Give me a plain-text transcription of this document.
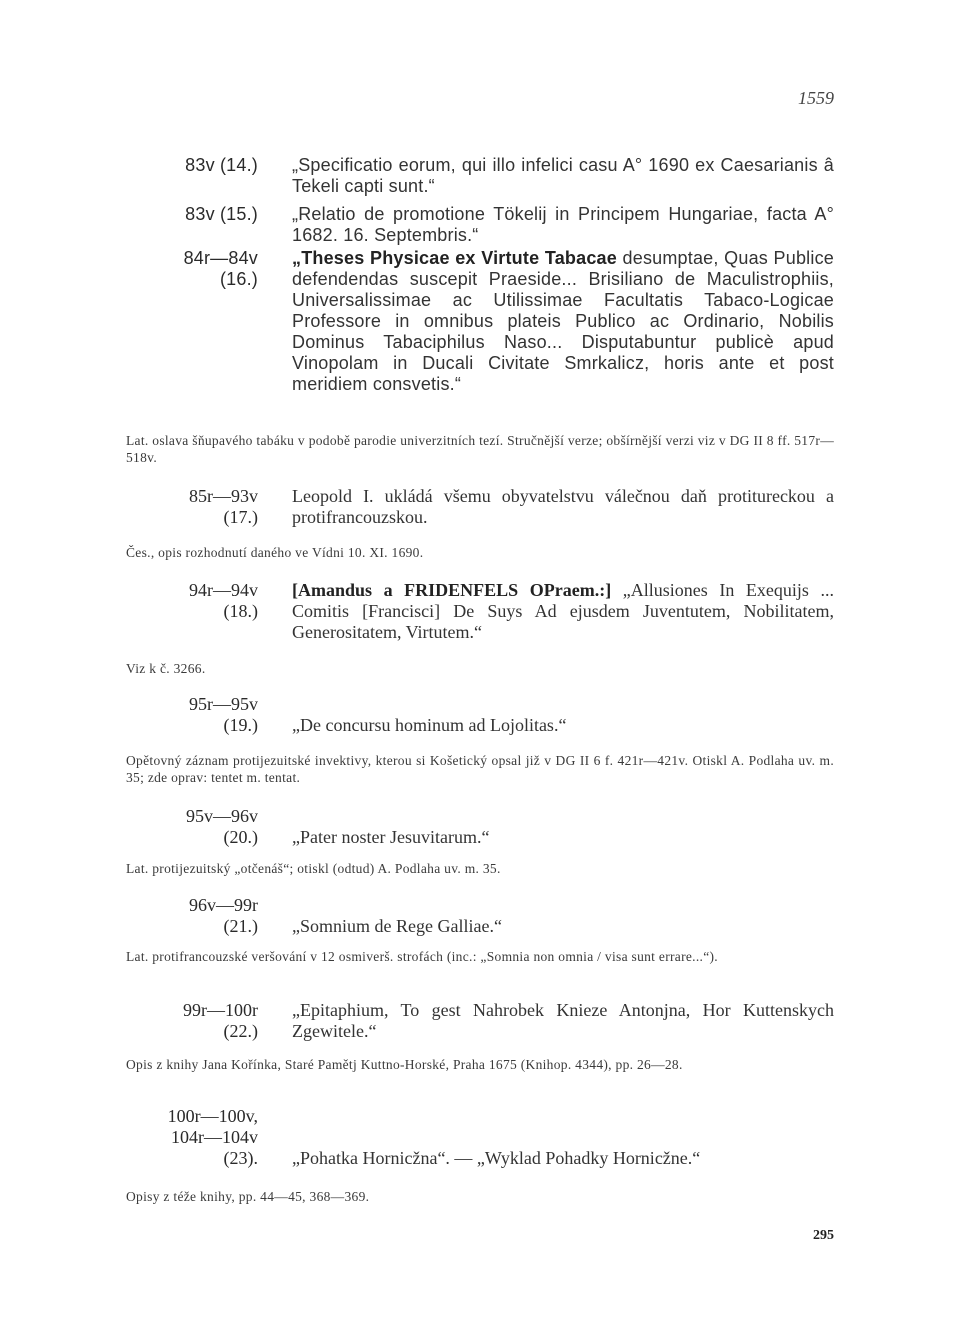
1559
83v (14.) „Specificatio eorum, qui illo infelici casu A° 1690 ex Caesarianis â Tekeli capti sunt.“
83v (15.) „Relatio de promotione Tökelij in Principem Hungariae, facta A° 1682. 16. Septembris.“
84r—84v
(16.)
„Theses Physicae ex Virtute Tabacae desumptae, Quas Publice defendendas suscepit Praeside... Brisiliano de Maculistrophiis, Universalissimae ac Utilissimae Facultatis Tabaco-Logicae Professore in omnibus plateis Publico ac Ordinario, Nobilis Dominus Tabaciphilus Naso... Disputabuntur publicè apud Vinopolam in Ducali Civitate Smrkalicz, horis ante et post meridiem consvetis.“
Lat. oslava šňupavého tabáku v podobě parodie univerzitních tezí. Stručnější verze; obšírnější verzi viz v DG II 8 ff. 517r—518v.
85r—93v
(17.)
Leopold I. ukládá všemu obyvatelstvu válečnou daň protitureckou a protifrancouzskou.
Čes., opis rozhodnutí daného ve Vídni 10. XI. 1690.
94r—94v
(18.)
[Amandus a FRIDENFELS OPraem.:] „Allusiones In Exequijs ... Comitis [Francisci] De Suys Ad ejusdem Juventutem, Nobilitatem, Generositatem, Virtutem.“
Viz k č. 3266.
95r—95v
(19.) „De concursu hominum ad Lojolitas.“
Opětovný záznam protijezuitské invektivy, kterou si Košetický opsal již v DG II 6 f. 421r—421v. Otiskl A. Podlaha uv. m. 35; zde oprav: tentet m. tentat.
95v—96v
(20.) „Pater noster Jesuvitarum.“
Lat. protijezuitský „otčenáš“; otiskl (odtud) A. Podlaha uv. m. 35.
96v—99r
(21.) „Somnium de Rege Galliae.“
Lat. protifrancouzské veršování v 12 osmiverš. strofách (inc.: „Somnia non omnia / visa sunt errare...“).
99r—100r
(22.)
„Epitaphium, To gest Nahrobek Knieze Antonjna, Hor Kuttenskych Zgewitele.“
Opis z knihy Jana Kořínka, Staré Pamětj Kuttno-Horské, Praha 1675 (Knihop. 4344), pp. 26—28.
100r—100v,
104r—104v
(23). „Pohatka Hornicžna“. — „Wyklad Pohadky Hornicžne.“
Opisy z téže knihy, pp. 44—45, 368—369.
295
